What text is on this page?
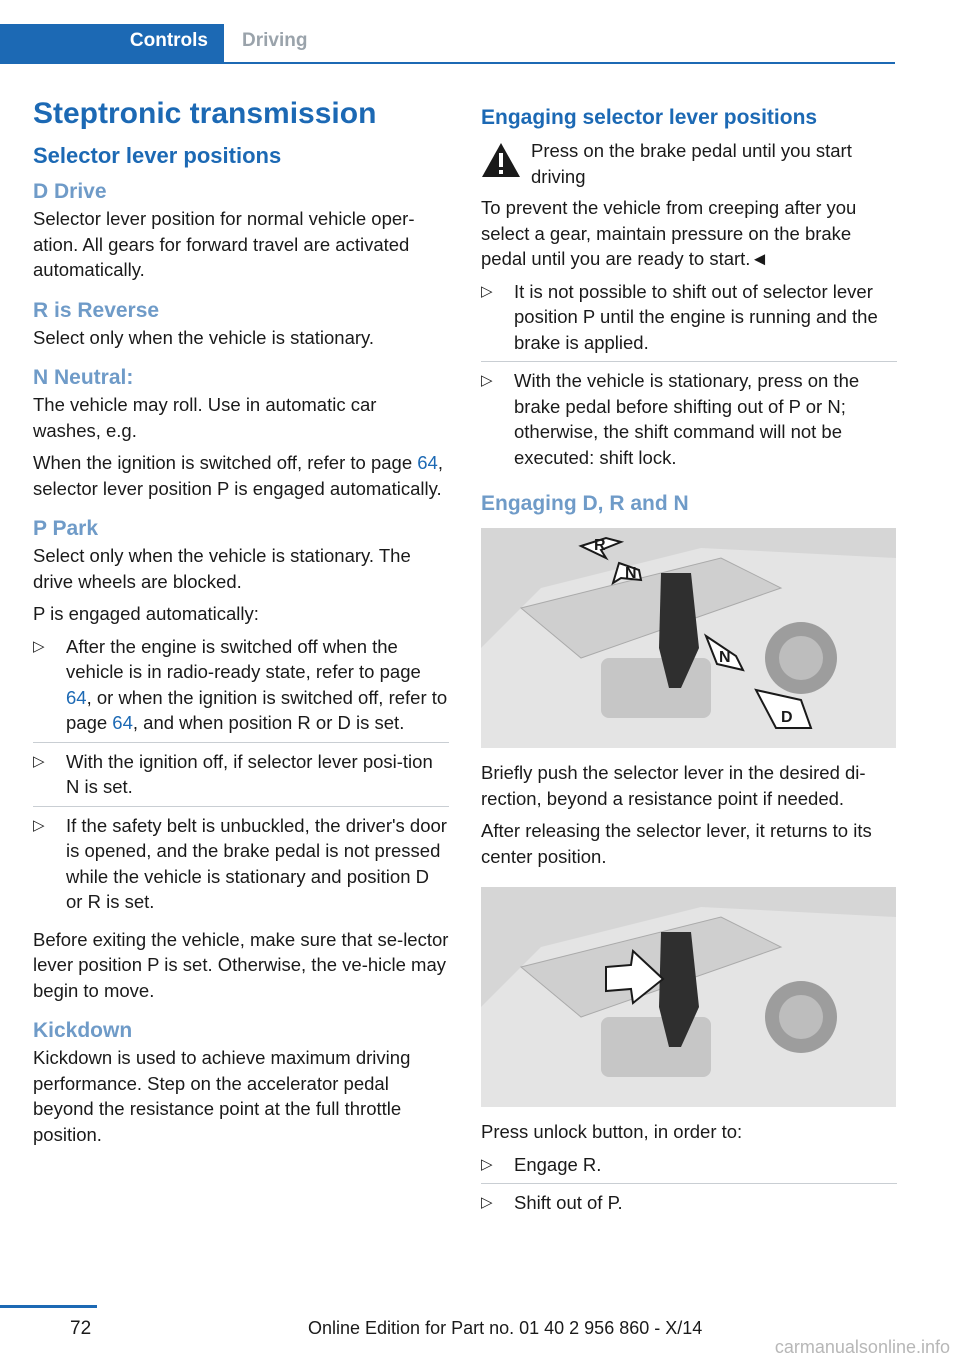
Controls	Driving
Steptronic transmission
Selector lever positions
D Drive

Selector lever position for normal vehicle oper‐ation. All gears for forward travel are activated automatically.

R is Reverse

Select only when the vehicle is stationary.

N Neutral:

The vehicle may roll. Use in automatic car washes, e.g.

When the ignition is switched off, refer to page 64, selector lever position P is engaged automatically.

P Park

Select only when the vehicle is stationary. The drive wheels are blocked.

P is engaged automatically:

▷ After the engine is switched off when the vehicle is in radio-ready state, refer to page 64, or when the ignition is switched off, refer to page 64, and when position R or D is set.
▷ With the ignition off, if selector lever posi‐tion N is set.
▷ If the safety belt is unbuckled, the driver's door is opened, and the brake pedal is not pressed while the vehicle is stationary and position D or R is set.

Before exiting the vehicle, make sure that se‐lector lever position P is set. Otherwise, the ve‐hicle may begin to move.

Kickdown

Kickdown is used to achieve maximum driving performance. Step on the accelerator pedal beyond the resistance point at the full throttle position.

Engaging selector lever positions
Press on the brake pedal until you start driving

To prevent the vehicle from creeping after you select a gear, maintain pressure on the brake pedal until you are ready to start.◄

▷ It is not possible to shift out of selector lever position P until the engine is running and the brake is applied.
▷ With the vehicle is stationary, press on the brake pedal before shifting out of P or N; otherwise, the shift command will not be executed: shift lock.
Engaging D, R and N
R
N
N
D

Briefly push the selector lever in the desired di‐rection, beyond a resistance point if needed.

After releasing the selector lever, it returns to its center position.

Press unlock button, in order to:

▷ Engage R.
▷ Shift out of P.
72	Online Edition for Part no. 01 40 2 956 860 - X/14
carmanualsonline.info
